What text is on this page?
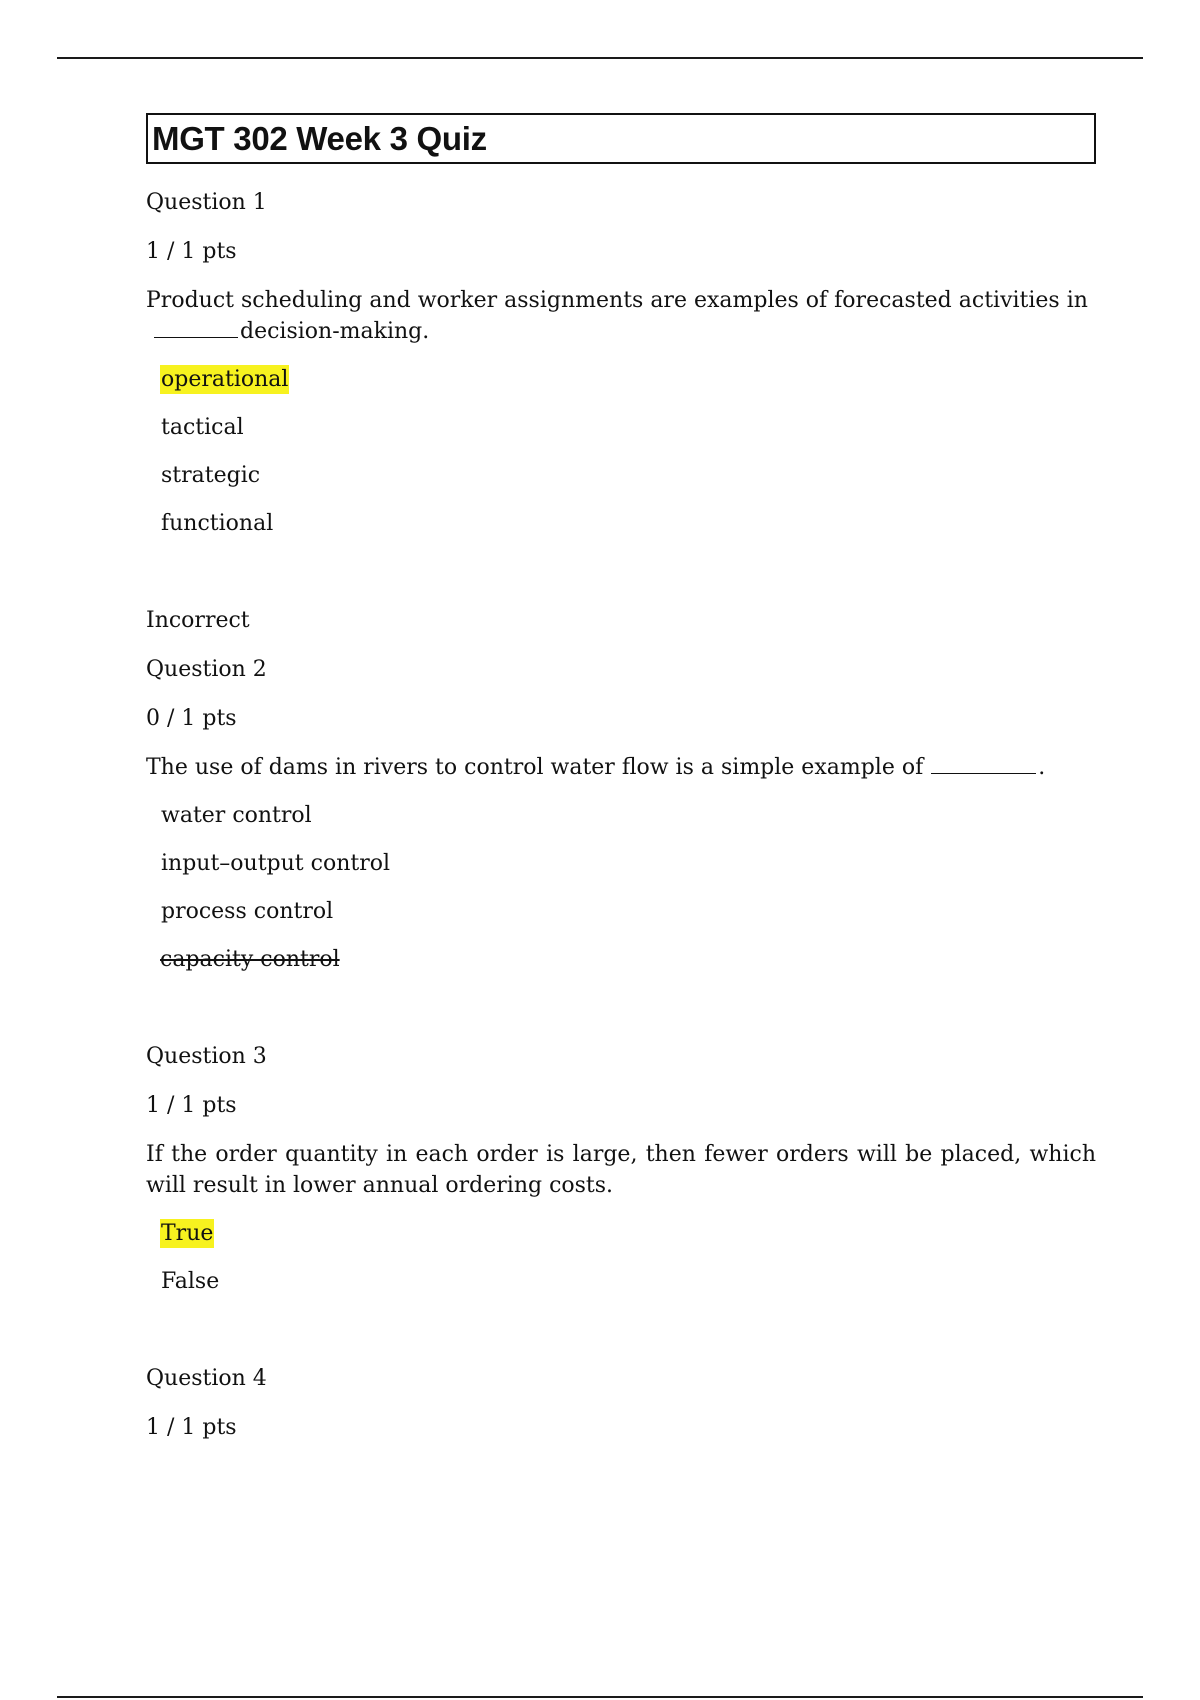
MGT 302 Week 3 Quiz
Question 1
1 / 1 pts
Product scheduling and worker assignments are examples of forecasted activities indecision-making.
operational
tactical
strategic
functional
Incorrect
Question 2
0 / 1 pts
The use of dams in rivers to control water flow is a simple example of	.
water control
input–output control
process control
capacity control
Question 3
1 / 1 pts
If the order quantity in each order is large, then fewer orders will be placed, which will result in lower annual ordering costs.
True
False
Question 4
1 / 1 pts
